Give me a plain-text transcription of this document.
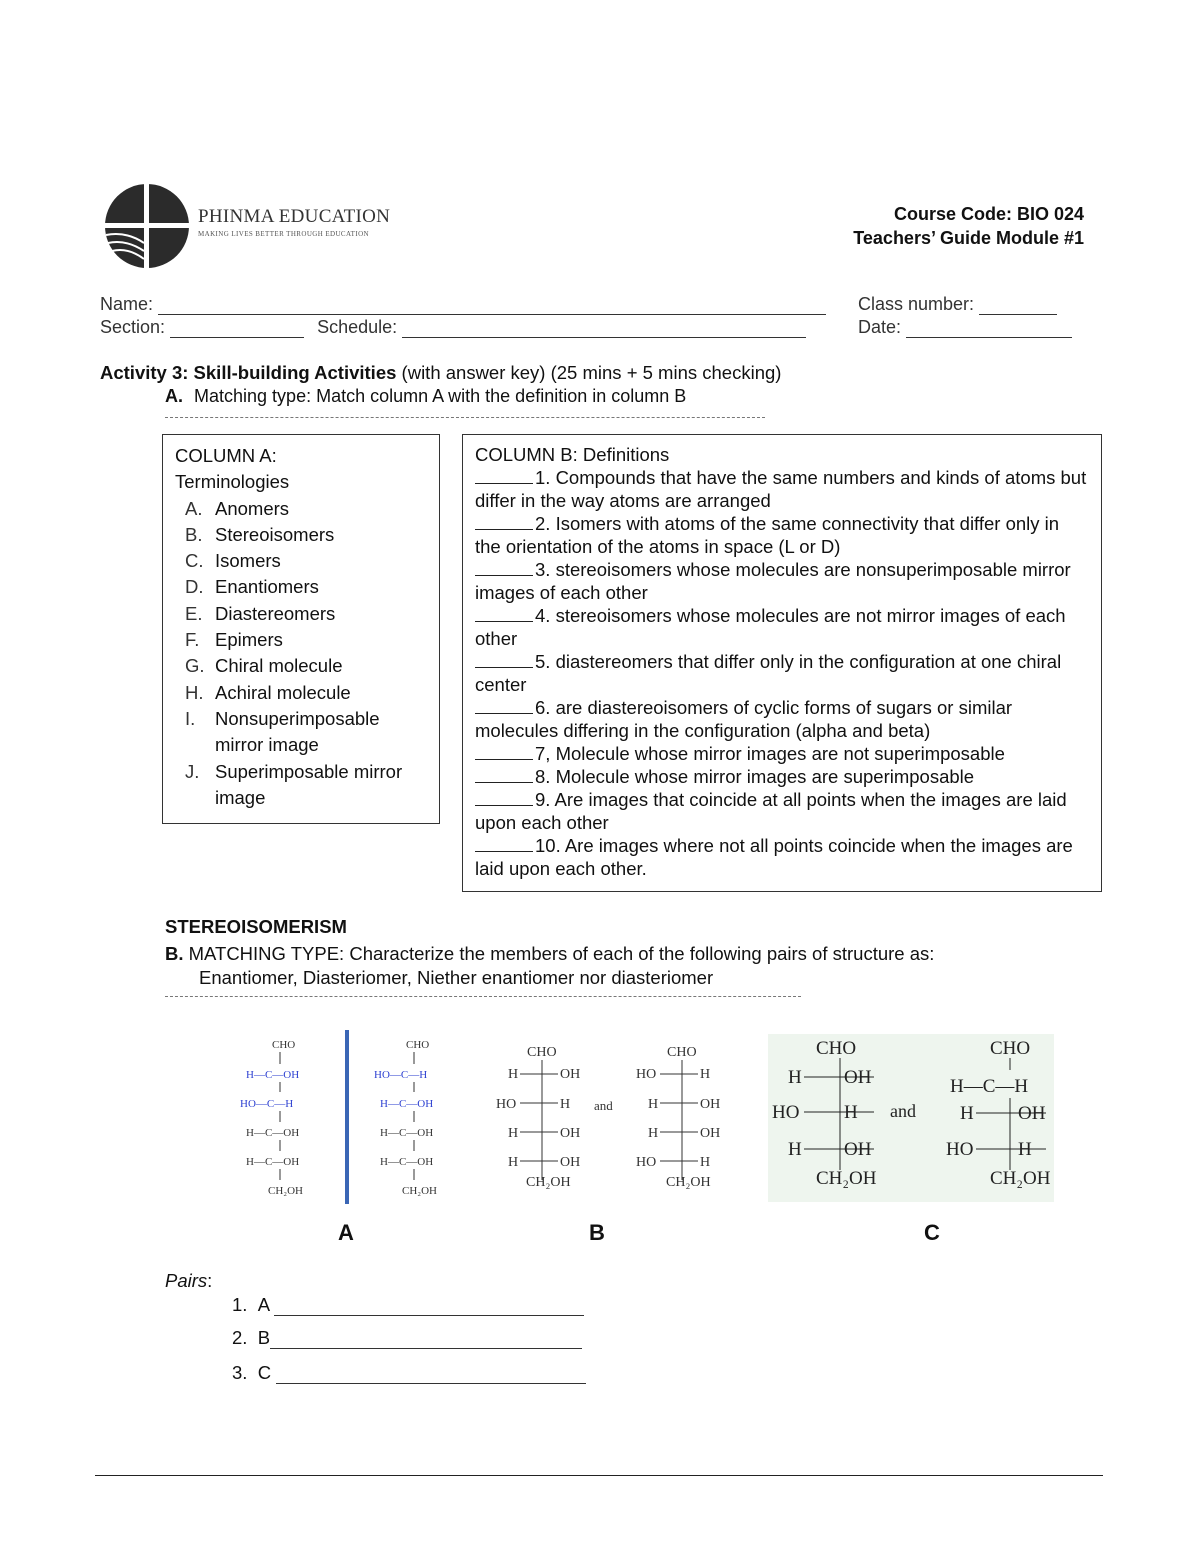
PHINMA EDUCATION
MAKING LIVES BETTER THROUGH EDUCATION
Course Code: BIO 024
Teachers’ Guide Module #1
Name:	Class number:
Section:	Schedule:	Date:
Activity 3: Skill-building Activities (with answer key) (25 mins + 5 mins checking)
A. Matching type: Match column A with the definition in column B
COLUMN A:
Terminologies
A. Anomers
B. Stereoisomers
C. Isomers
D. Enantiomers
E. Diastereomers
F. Epimers
G. Chiral molecule
H. Achiral molecule
I.	Nonsuperimposable mirror image
J. Superimposable mirror image
COLUMN B: Definitions
1. Compounds that have the same numbers and kinds of atoms but differ in the way atoms are arranged
2. Isomers with atoms of the same connectivity that differ only in the orientation of the atoms in space (L or D)
3. stereoisomers whose molecules are nonsuperimposable mirror images of each other
4. stereoisomers whose molecules are not mirror images of each other
5. diastereomers that differ only in the configuration at one chiral center
6. are diastereoisomers of cyclic forms of sugars or similar molecules differing in the configuration (alpha and beta)
7, Molecule whose mirror images are not superimposable
8. Molecule whose mirror images are superimposable
9. Are images that coincide at all points when the images are laid upon each other
10. Are images where not all points coincide when the images are laid upon each other.
STEREOISOMERISM
B. MATCHING TYPE: Characterize the members of each of the following pairs of structure as:
Enantiomer, Diasteriomer, Niether enantiomer nor diasteriomer
CHO
H—C—OH
HO—C—H
H—C—OH
H—C—OH
CH₂OH
CHO
HO—C—H
H—C—OH
H—C—OH
H—C—OH
CH₂OH
CHO
H	OH
HO	H
H	OH
H	OH
CH₂OH
and
CHO
HO	H
H	OH
H	OH
HO	H
CH₂OH
CHO
H OH
HO H
H OH
CH₂OH
and
CHO
H—C—H
H OH
HO H
CH₂OH
A	B	C
Pairs:
1. A
2. B
3. C
